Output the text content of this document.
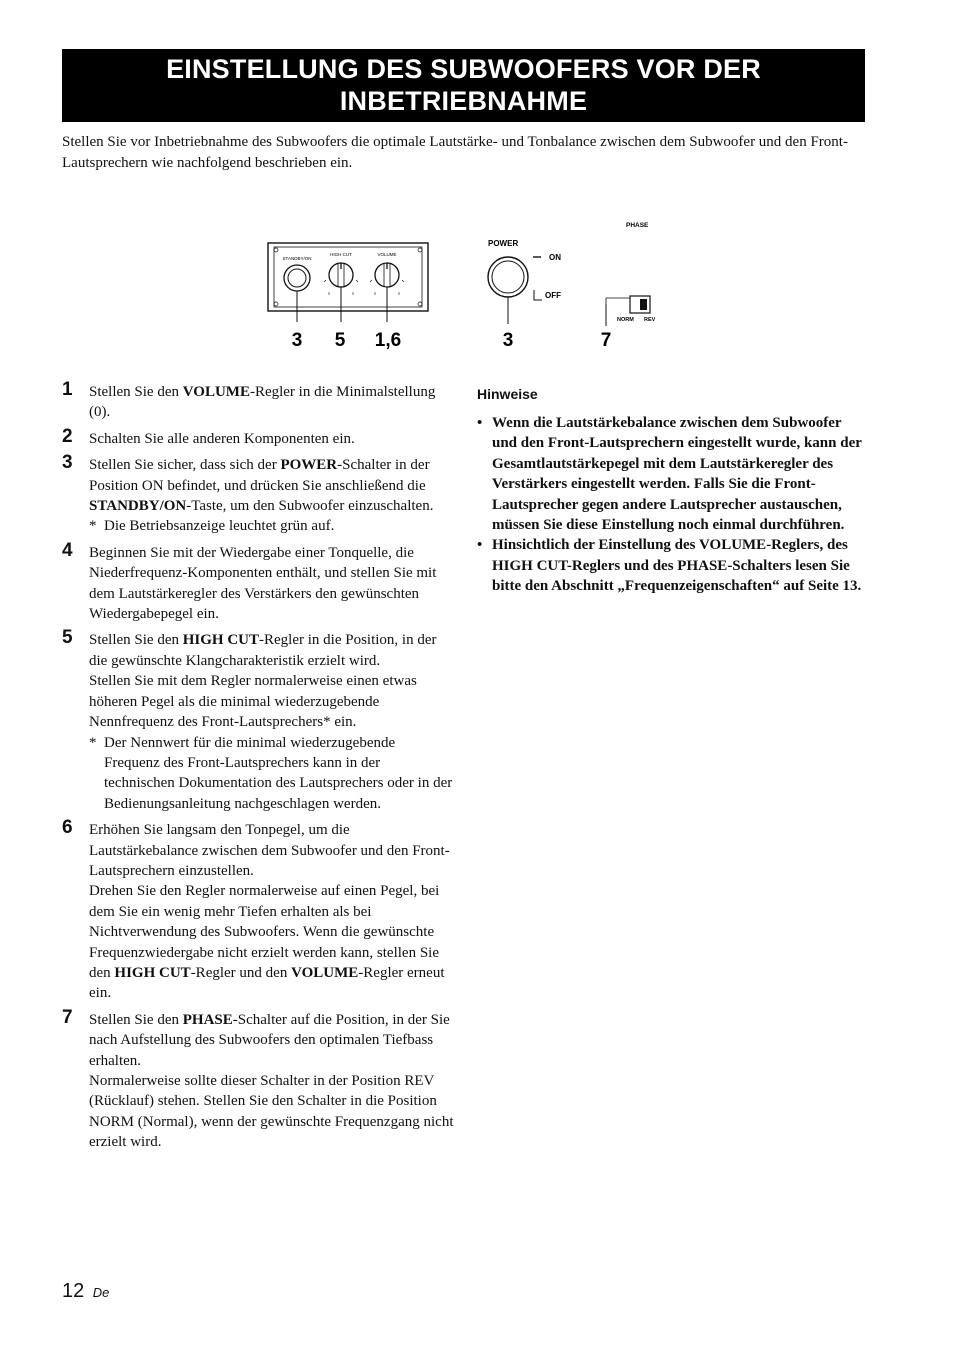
EINSTELLUNG DES SUBWOOFERS VOR DER
INBETRIEBNAHME

Stellen Sie vor Inbetriebnahme des Subwoofers die optimale Lautstärke- und Tonbalance zwischen dem Subwoofer und den Front-Lautsprechern wie nachfolgend beschrieben ein.

STANDBY/ON
HIGH CUT	VOLUME
POWER
ON
OFF
PHASE
NORM REV
3 5 1,6	3	7
1 Stellen Sie den VOLUME-Regler in die Minimalstellung (0).

2 Schalten Sie alle anderen Komponenten ein.

3 Stellen Sie sicher, dass sich der POWER-Schalter in der Position ON befindet, und drücken Sie anschließend die STANDBY/ON-Taste, um den Subwoofer einzuschalten.

* Die Betriebsanzeige leuchtet grün auf.
4 Beginnen Sie mit der Wiedergabe einer Tonquelle, die Niederfrequenz-Komponenten enthält, und stellen Sie mit dem Lautstärkeregler des Verstärkers den gewünschten Wiedergabepegel ein.

5 Stellen Sie den HIGH CUT-Regler in die Position, in der die gewünschte Klangcharakteristik erzielt wird.

Stellen Sie mit dem Regler normalerweise einen etwas höheren Pegel als die minimal wiederzugebende Nennfrequenz des Front-Lautsprechers* ein.

* Der Nennwert für die minimal wiederzugebende Frequenz des Front-Lautsprechers kann in der technischen Dokumentation des Lautsprechers oder in der Bedienungsanleitung nachgeschlagen werden.
6 Erhöhen Sie langsam den Tonpegel, um die Lautstärkebalance zwischen dem Subwoofer und den Front-Lautsprechern einzustellen.

Drehen Sie den Regler normalerweise auf einen Pegel, bei dem Sie ein wenig mehr Tiefen erhalten als bei Nichtverwendung des Subwoofers. Wenn die gewünschte Frequenzwiedergabe nicht erzielt werden kann, stellen Sie den HIGH CUT-Regler und den VOLUME-Regler erneut ein.

7 Stellen Sie den PHASE-Schalter auf die Position, in der Sie nach Aufstellung des Subwoofers den optimalen Tiefbass erhalten.

Normalerweise sollte dieser Schalter in der Position REV (Rücklauf) stehen. Stellen Sie den Schalter in die Position NORM (Normal), wenn der gewünschte Frequenzgang nicht erzielt wird.

Hinweise
• Wenn die Lautstärkebalance zwischen dem Subwoofer und den Front-Lautsprechern eingestellt wurde, kann der Gesamtlautstärkepegel mit dem Lautstärkeregler des Verstärkers eingestellt werden. Falls Sie die Front-Lautsprecher gegen andere Lautsprecher austauschen, müssen Sie diese Einstellung noch einmal durchführen.
• Hinsichtlich der Einstellung des VOLUME-Reglers, des HIGH CUT-Reglers und des PHASE-Schalters lesen Sie bitte den Abschnitt „Frequenzeigenschaften“ auf Seite 13.
12 De
